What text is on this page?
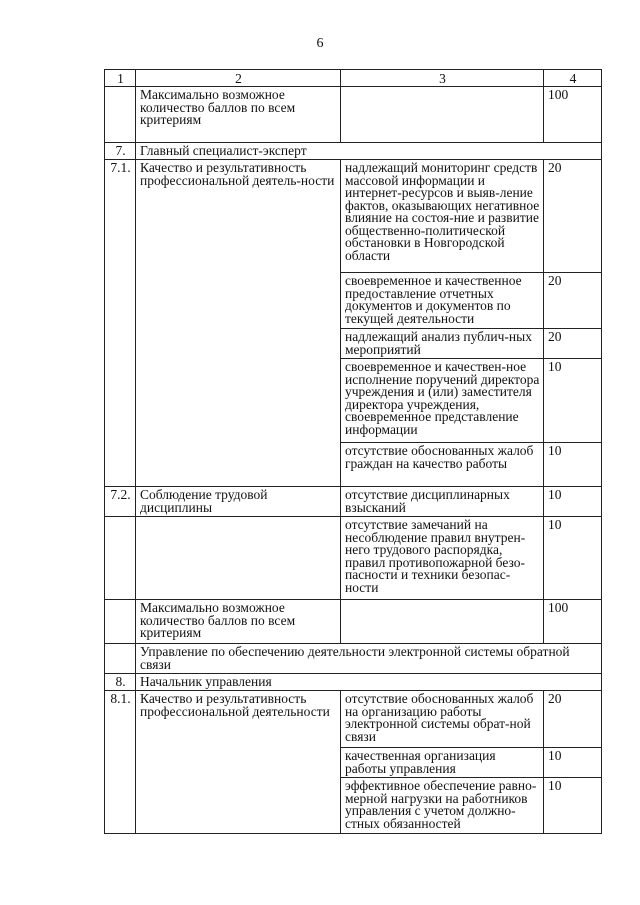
6
1	2	3	4
	Максимально возможное количество баллов по всем критериям		100
7.	Главный специалист-эксперт		
7.1.	Качество и результативность профессиональной деятель-ности	надлежащий мониторинг средств массовой информации и интернет-ресурсов и выяв-ление фактов, оказывающих негативное влияние на состоя-ние и развитие общественно-политической обстановки в Новгородской области	20
		своевременное и качественное предоставление отчетных документов и документов по текущей деятельности	20
		надлежащий анализ публич-ных мероприятий	20
		своевременное и качествен-ное исполнение поручений директора учреждения и (или) заместителя директора учреждения, своевременное представление информации	10
		отсутствие обоснованных жалоб граждан на качество работы	10
7.2.	Соблюдение трудовой дисциплины	отсутствие дисциплинарных взысканий	10
		отсутствие замечаний на несоблюдение правил внутрен-него трудового распорядка, правил противопожарной безо-пасности и техники безопас-ности	10
	Максимально возможное количество баллов по всем критериям		100
	Управление по обеспечению деятельности электронной системы обратной связи		
8.	Начальник управления		
8.1.	Качество и результативность профессиональной деятельности	отсутствие обоснованных жалоб на организацию работы электронной системы обрат-ной связи	20
		качественная организация работы управления	10
		эффективное обеспечение равно-мерной нагрузки на работников управления с учетом должно-стных обязанностей	10
